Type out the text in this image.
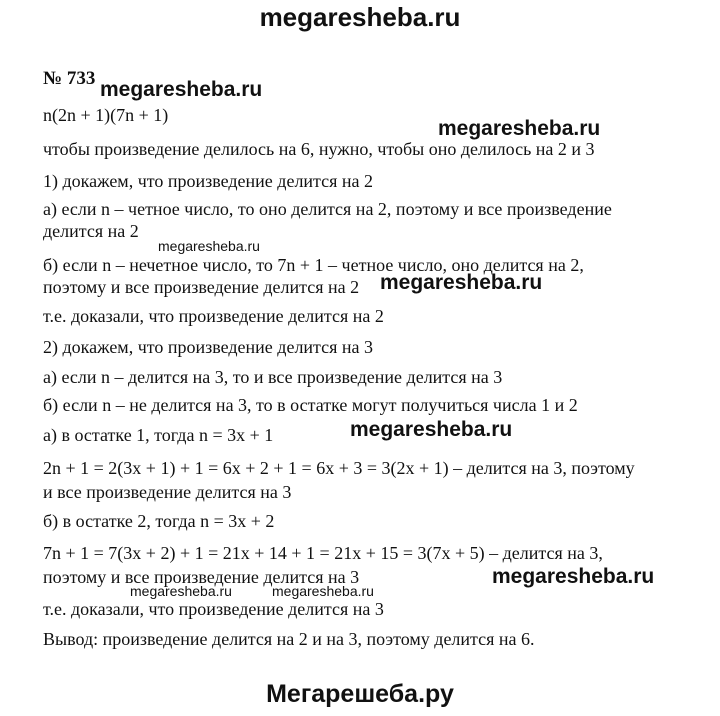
megaresheba.ru
№ 733
n(2n + 1)(7n + 1)
чтобы произведение делилось на 6, нужно, чтобы оно делилось на 2 и 3
1) докажем, что произведение делится на 2
а) если n – четное число, то оно делится на 2, поэтому и все произведение
делится на 2
б) если n – нечетное число, то 7n + 1 – четное число, оно делится на 2,
поэтому и все произведение делится на 2
т.е. доказали, что произведение делится на 2
2) докажем, что произведение делится на 3
а) если n – делится на 3, то и все произведение делится на 3
б) если n – не делится на 3, то в остатке могут получиться числа 1 и 2
а) в остатке 1, тогда n = 3x + 1
2n + 1 = 2(3x + 1) + 1 = 6x + 2 + 1 = 6x + 3 = 3(2x + 1) – делится на 3, поэтому
и все произведение делится на 3
б) в остатке 2, тогда n = 3x + 2
7n + 1 = 7(3x + 2) + 1 = 21x + 14 + 1 = 21x + 15 = 3(7x + 5) – делится на 3,
поэтому и все произведение делится на 3
т.е. доказали, что произведение делится на 3
Вывод: произведение делится на 2 и на 3, поэтому делится на 6.
megaresheba.ru
megaresheba.ru
megaresheba.ru
megaresheba.ru
megaresheba.ru
megaresheba.ru
megaresheba.ru	megaresheba.ru
Мегарешеба.ру
